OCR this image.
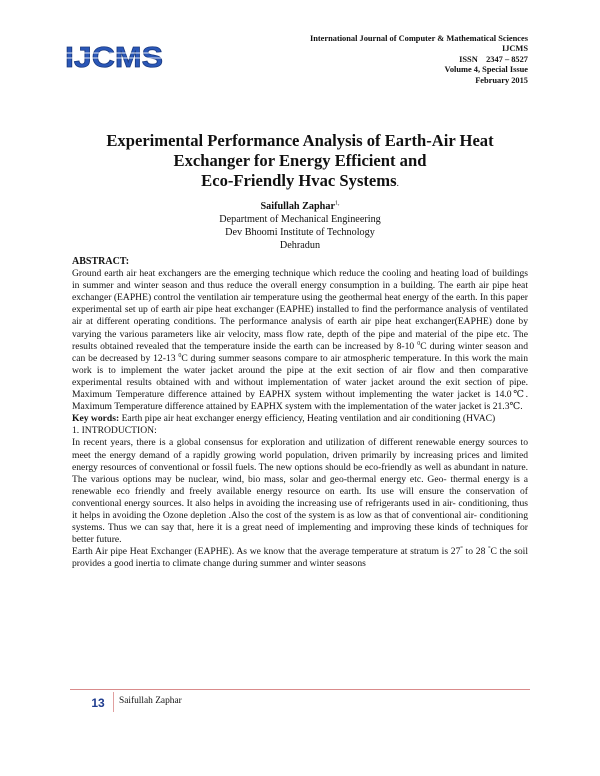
IJCMS
International Journal of Computer & Mathematical Sciences
IJCMS
ISSN    2347 – 8527
Volume 4, Special Issue
February 2015
Experimental Performance Analysis of Earth-Air Heat
Exchanger for Energy Efficient and
Eco-Friendly Hvac Systems.
Saifullah Zaphar$^{1,}$
Department of Mechanical Engineering
Dev Bhoomi Institute of Technology
Dehradun
ABSTRACT:

Ground earth air heat exchangers are the emerging technique which reduce the cooling and heating load of buildings in summer and winter season and thus reduce the overall energy consumption in a building. The earth air pipe heat exchanger (EAPHE) control the ventilation air temperature using the geothermal heat energy of the earth. In this paper experimental set up of earth air pipe heat exchanger (EAPHE) installed to find the performance analysis of ventilated air at different operating conditions. The performance analysis of earth air pipe heat exchanger(EAPHE) done by varying the various parameters like air velocity, mass flow rate, depth of the pipe and material of the pipe etc. The results obtained revealed that the temperature inside the earth can be increased by 8-10 $^0$C during winter season and can be decreased by 12-13 $^0$C during summer seasons compare to air atmospheric temperature. In this work the main work is to implement the water jacket around the pipe at the exit section of air flow and then comparative experimental results obtained with and without implementation of water jacket around the exit section of pipe. Maximum Temperature difference attained by EAPHX system without implementing the water jacket is 14.0℃. Maximum Temperature difference attained by EAPHX system with the implementation of the water jacket is 21.3℃.

Key words: Earth pipe air heat exchanger energy efficiency, Heating ventilation and air conditioning (HVAC)

1. INTRODUCTION:

In recent years, there is a global consensus for exploration and utilization of different renewable energy sources to meet the energy demand of a rapidly growing world population, driven primarily by increasing prices and limited energy resources of conventional or fossil fuels. The new options should be eco-friendly as well as abundant in nature. The various options may be nuclear, wind, bio mass, solar and geo-thermal energy etc. Geo- thermal energy is a renewable eco friendly and freely available energy resource on earth. Its use will ensure the conservation of conventional energy sources. It also helps in avoiding the increasing use of refrigerants used in air- conditioning, thus it helps in avoiding the Ozone depletion .Also the cost of the system is as low as that of conventional air- conditioning systems. Thus we can say that, here it is a great need of implementing and improving these kinds of techniques for better future.

Earth Air pipe Heat Exchanger (EAPHE). As we know that the average temperature at stratum is 27° to 28 °C the soil provides a good inertia to climate change during summer and winter seasons

13	Saifullah Zaphar
